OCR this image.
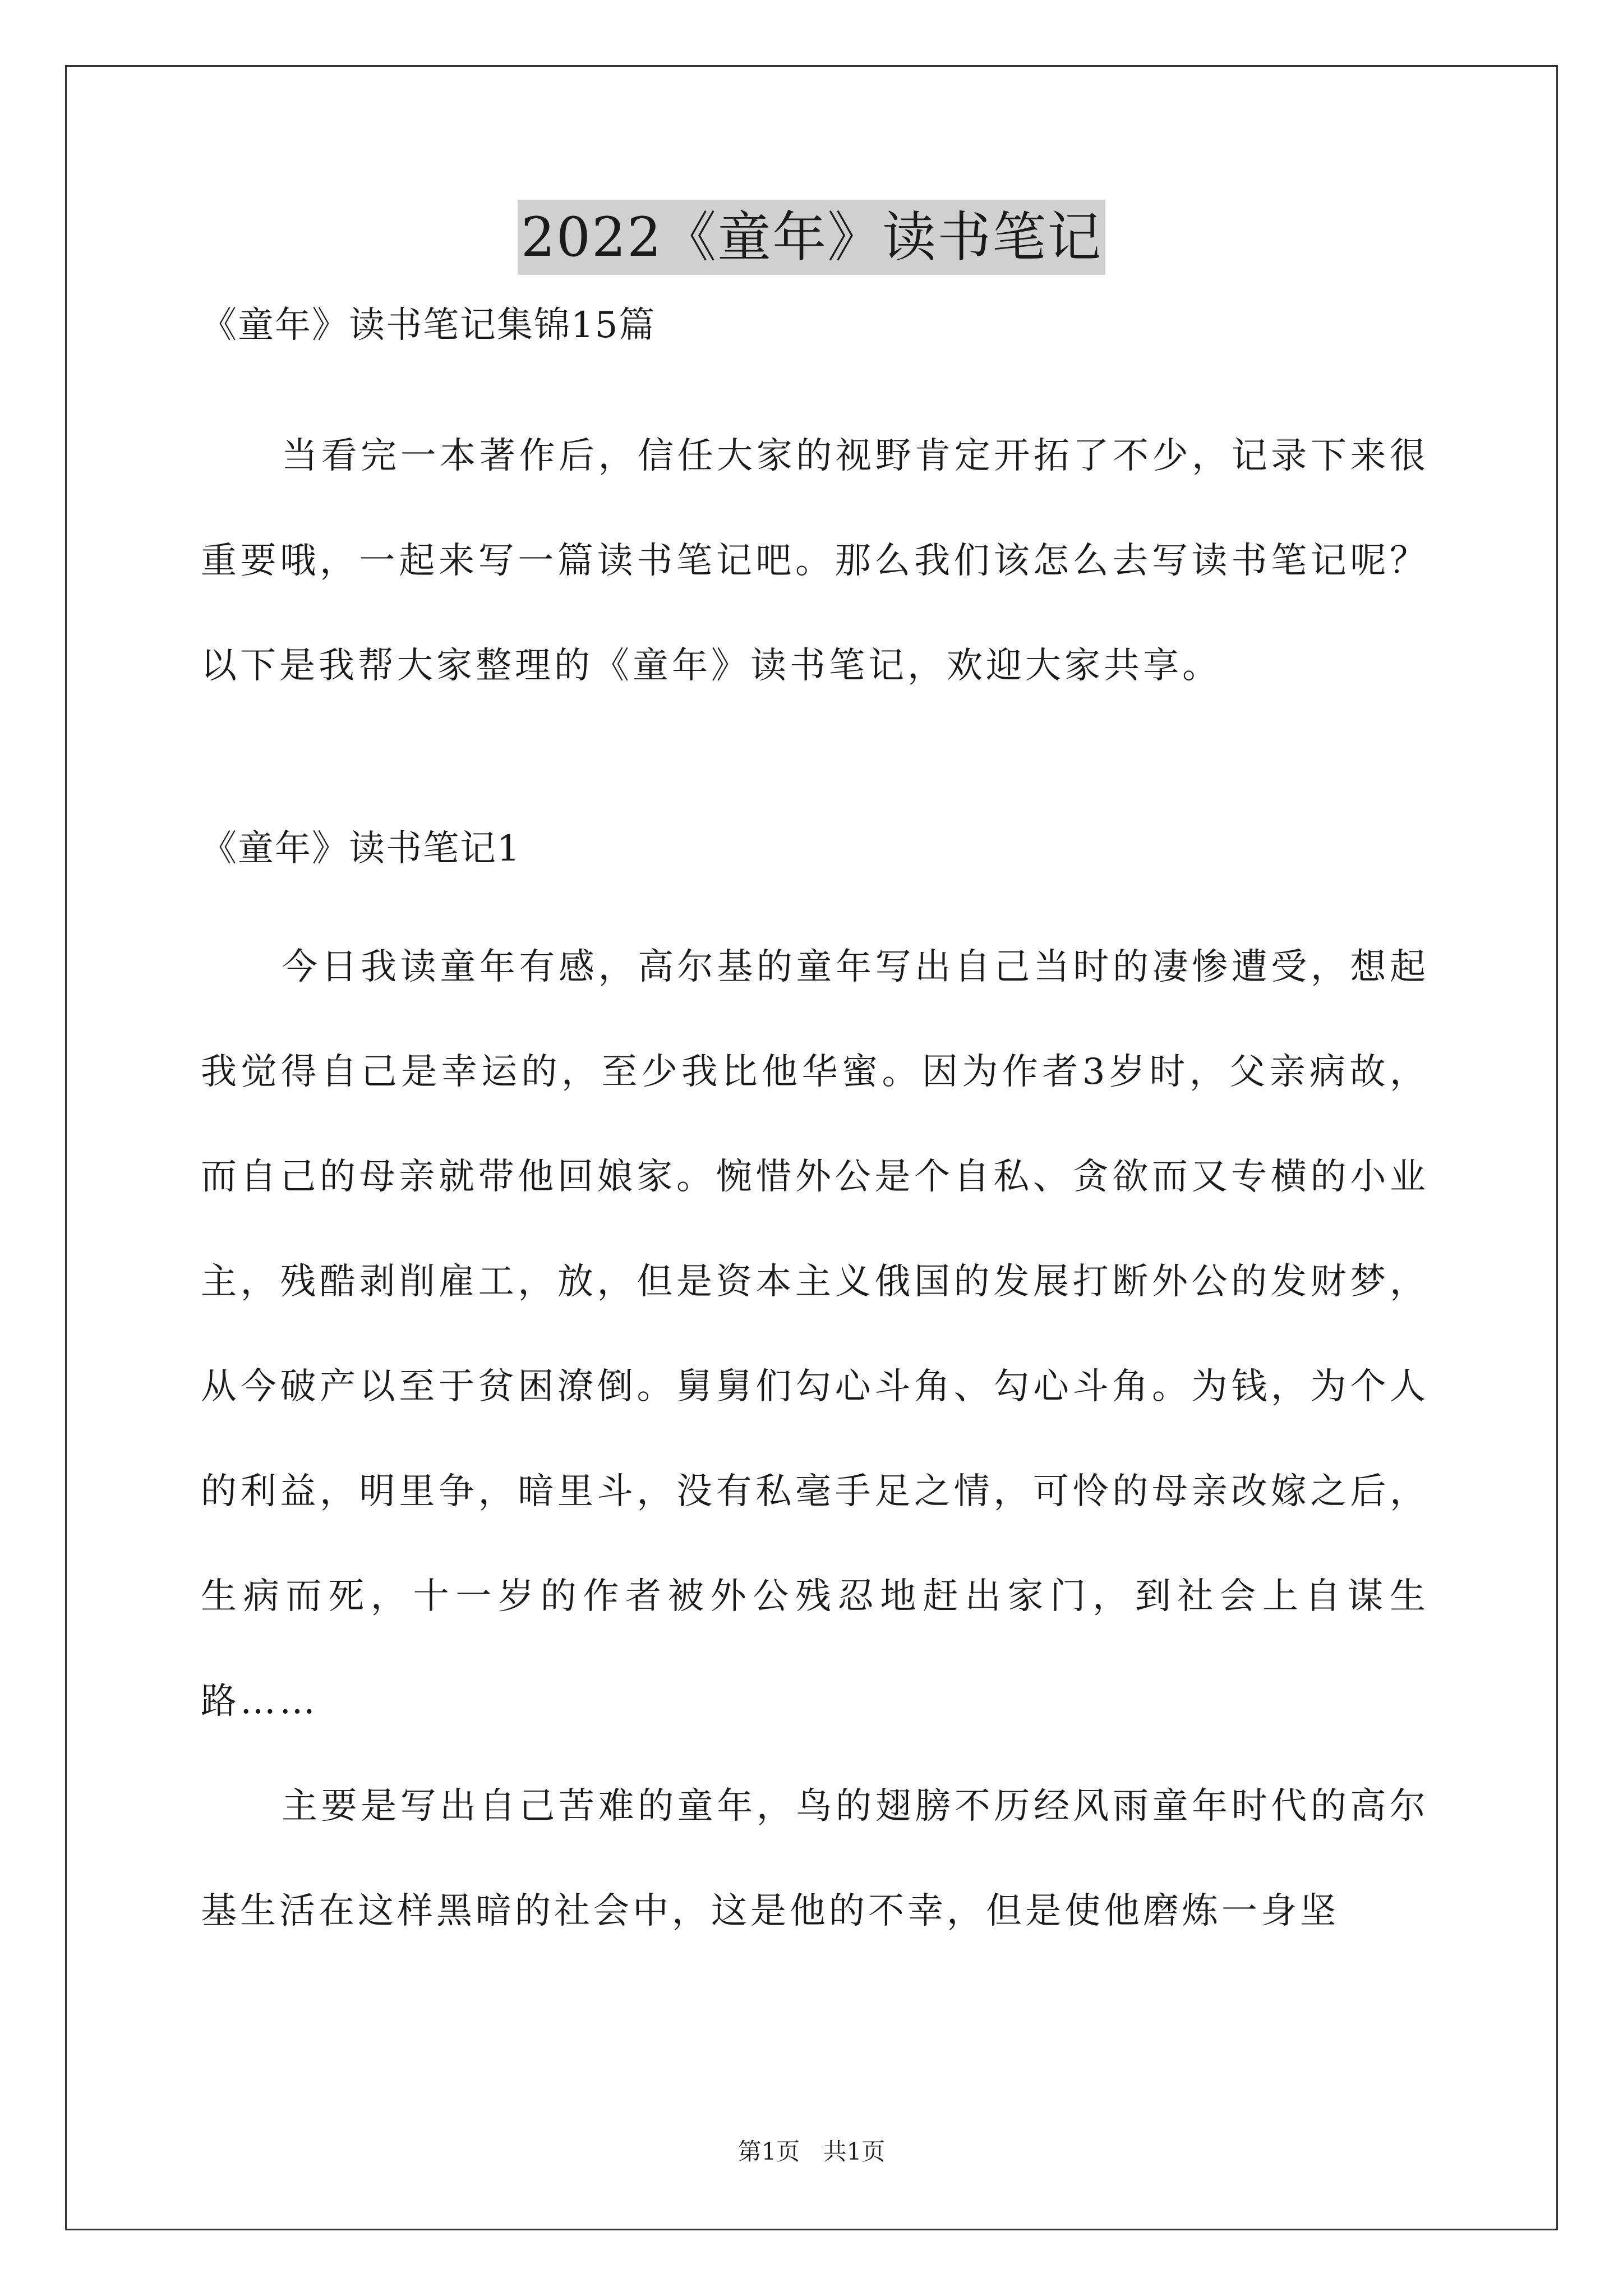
2022《童年》读书笔记

《童年》读书笔记集锦15篇

当看完一本著作后，信任大家的视野肯定开拓了不少，记录下来很重要哦，一起来写一篇读书笔记吧。那么我们该怎么去写读书笔记呢？以下是我帮大家整理的《童年》读书笔记，欢迎大家共享。

《童年》读书笔记1

今日我读童年有感，高尔基的童年写出自己当时的凄惨遭受，想起我觉得自己是幸运的，至少我比他华蜜。因为作者3岁时，父亲病故，而自己的母亲就带他回娘家。惋惜外公是个自私、贪欲而又专横的小业主，残酷剥削雇工，放，但是资本主义俄国的发展打断外公的发财梦，从今破产以至于贫困潦倒。舅舅们勾心斗角、勾心斗角。为钱，为个人的利益，明里争，暗里斗，没有私毫手足之情，可怜的母亲改嫁之后，生病而死，十一岁的作者被外公残忍地赶出家门，到社会上自谋生路……

主要是写出自己苦难的童年，鸟的翅膀不历经风雨童年时代的高尔基生活在这样黑暗的社会中，这是他的不幸，但是使他磨炼一身坚

第1页 共1页
